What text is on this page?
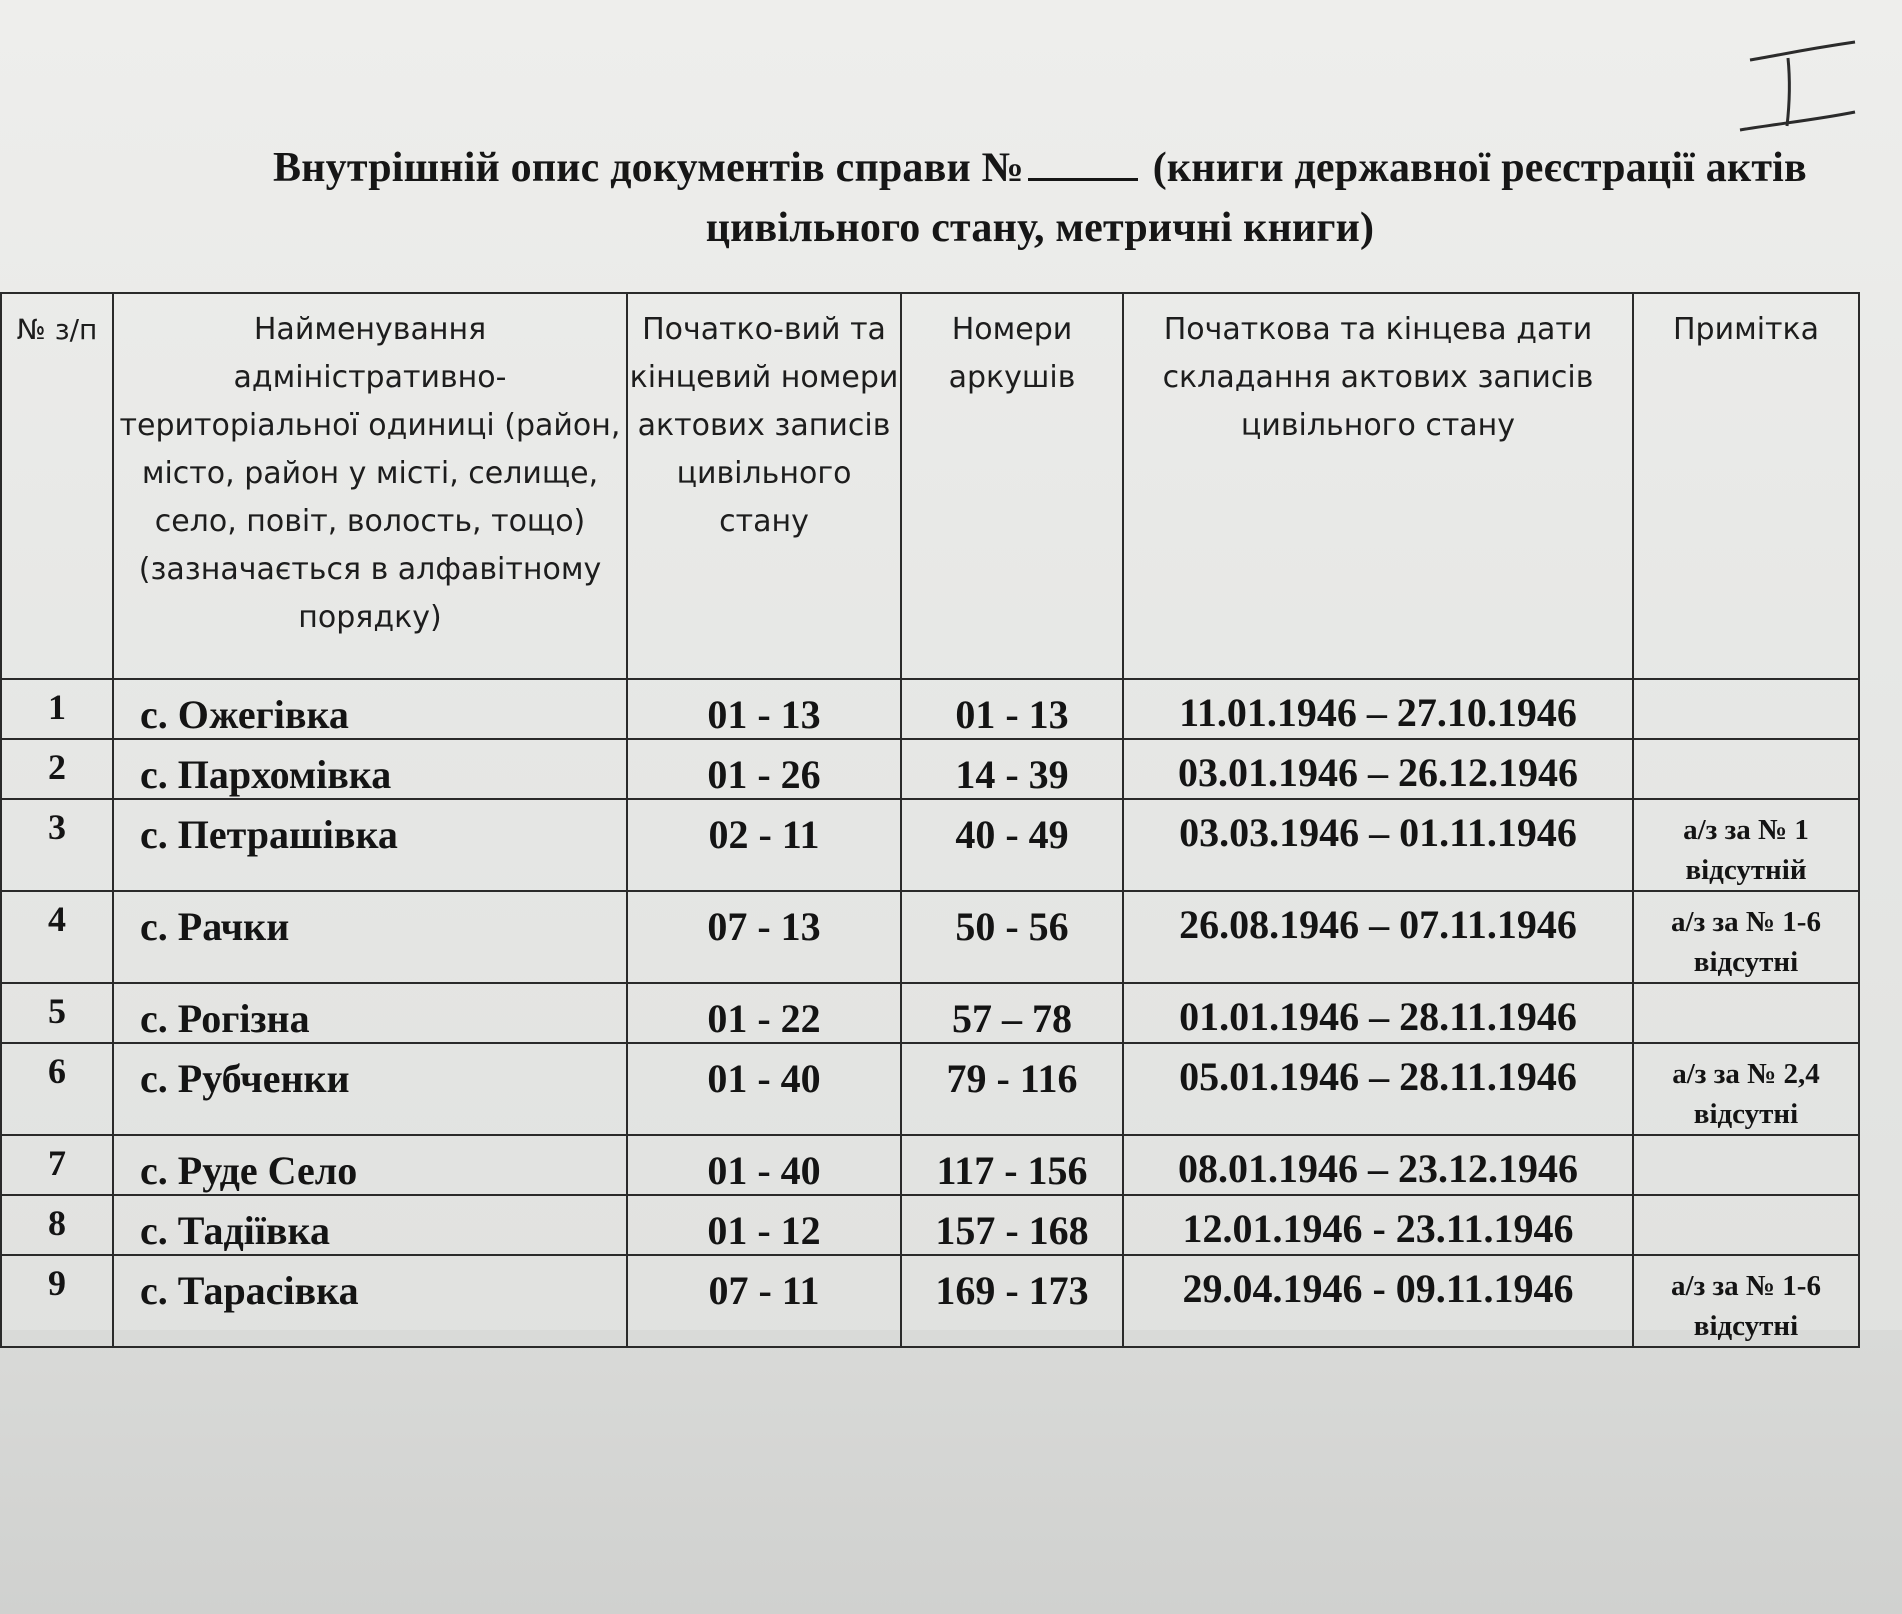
Внутрішній опис документів справи №	(книги державної реєстрації актів цивільного стану, метричні книги)
№ з/п	Найменування адміністративно-територіальної одиниці (район, місто, район у місті, селище, село, повіт, волость, тощо) (зазначається в алфавітному порядку)	Початко-вий та кінцевий номери актових записів цивільного стану	Номери аркушів	Початкова та кінцева дати складання актових записів цивільного стану	Примітка
1	с. Ожегівка	01 - 13	01 - 13	11.01.1946 – 27.10.1946	
2	с. Пархомівка	01 - 26	14 - 39	03.01.1946 – 26.12.1946	
3	с. Петрашівка	02 - 11	40 - 49	03.03.1946 – 01.11.1946	а/з за № 1 відсутній
4	с. Рачки	07 - 13	50 - 56	26.08.1946 – 07.11.1946	а/з за № 1-6 відсутні
5	с. Рогізна	01 - 22	57 – 78	01.01.1946 – 28.11.1946	
6	с. Рубченки	01 - 40	79 - 116	05.01.1946 – 28.11.1946	а/з за № 2,4 відсутні
7	с. Руде Село	01 - 40	117 - 156	08.01.1946 – 23.12.1946	
8	с. Тадіївка	01 - 12	157 - 168	12.01.1946 - 23.11.1946	
9	с. Тарасівка	07 - 11	169 - 173	29.04.1946 - 09.11.1946	а/з за № 1-6 відсутні
